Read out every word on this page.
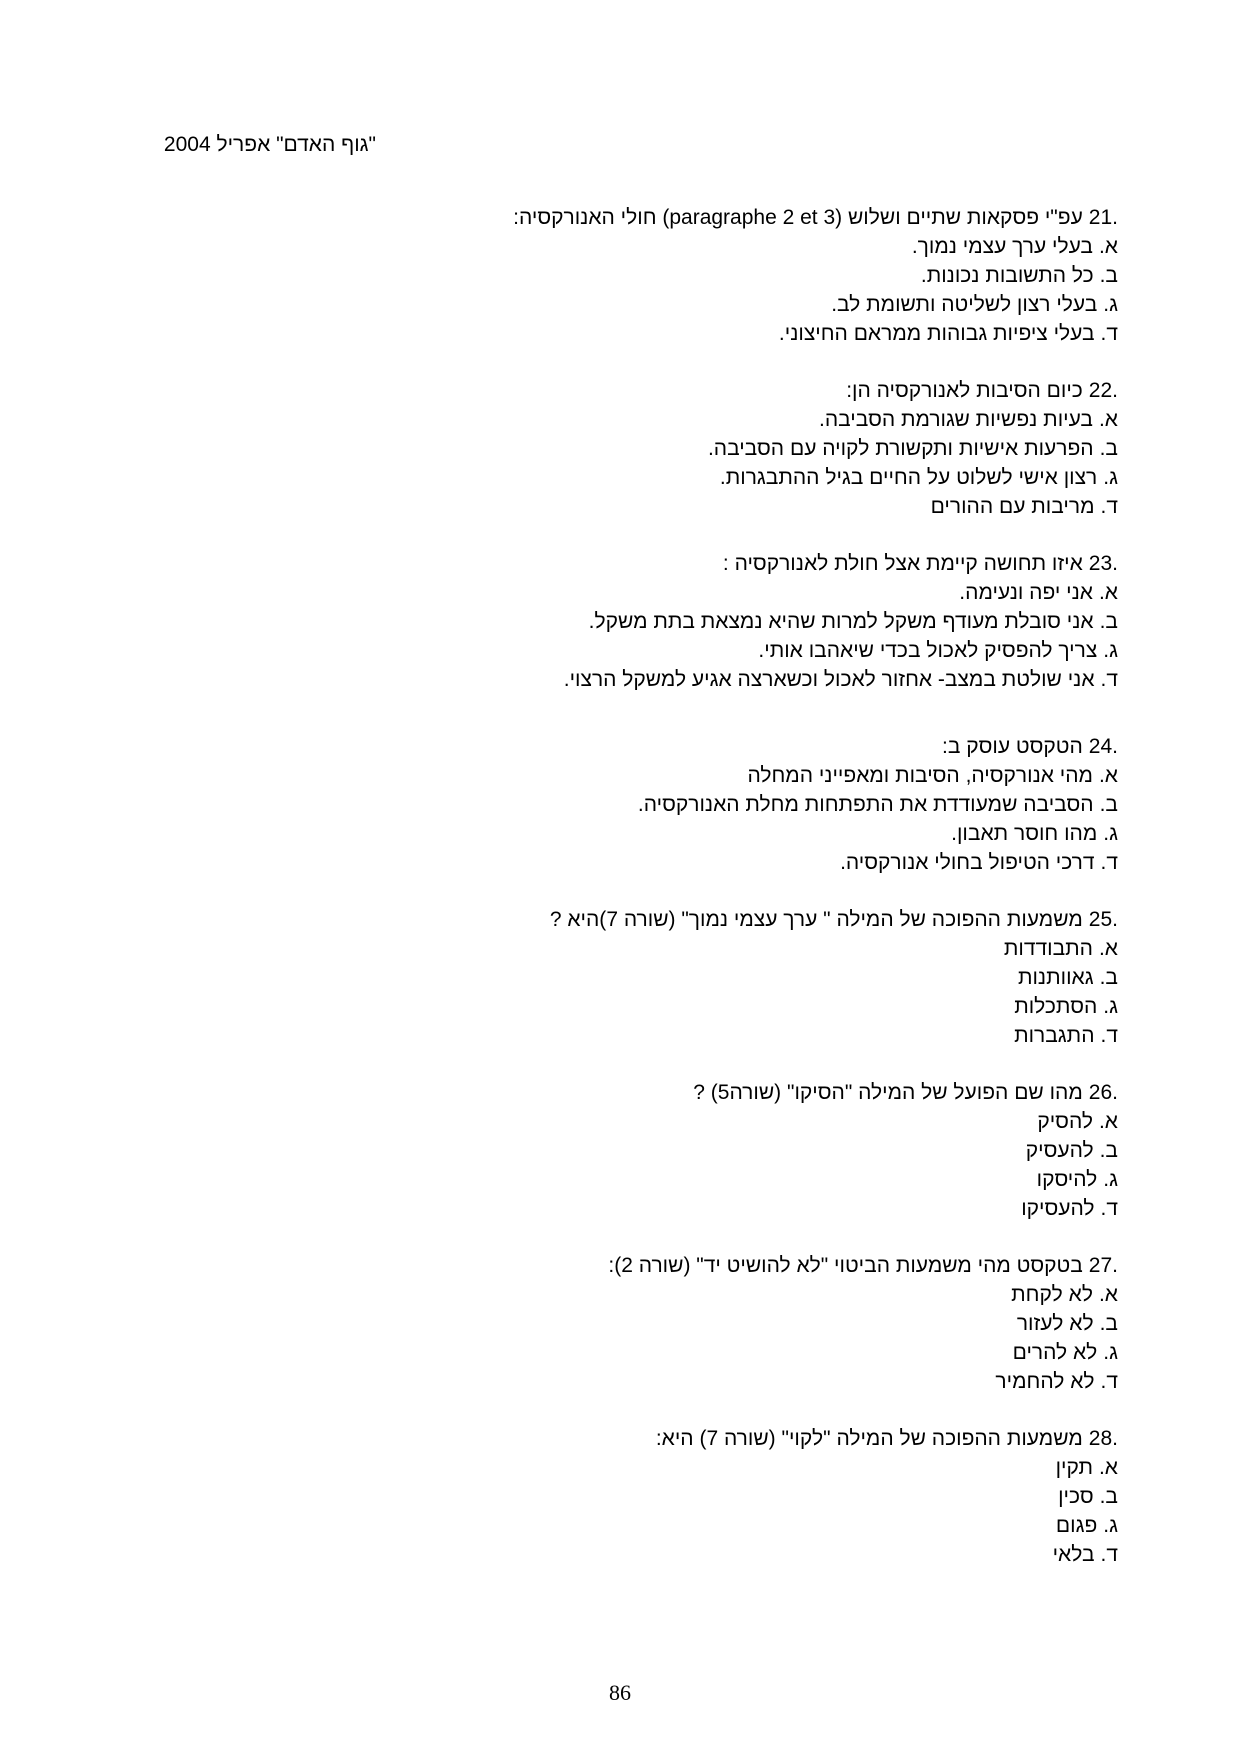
"גוף האדם" אפריל 2004
21.
עפ"י פסקאות שתיים ושלוש (paragraphe 2 et 3) חולי האנורקסיה:
א.
בעלי ערך עצמי נמוך.
ב.
כל התשובות נכונות.
ג.
בעלי רצון לשליטה ותשומת לב.
ד.
בעלי ציפיות גבוהות ממראם החיצוני.
22.
כיום הסיבות לאנורקסיה הן:
א.
בעיות נפשיות שגורמת הסביבה.
ב.
הפרעות אישיות ותקשורת לקויה עם הסביבה.
ג.
רצון אישי לשלוט על החיים בגיל ההתבגרות.
ד.
מריבות עם ההורים
23.
איזו תחושה קיימת אצל חולת לאנורקסיה :
א.
אני יפה ונעימה.
ב.
אני סובלת מעודף משקל למרות שהיא נמצאת בתת משקל.
ג.
צריך להפסיק לאכול בכדי שיאהבו אותי.
ד.
אני שולטת במצב- אחזור לאכול וכשארצה אגיע למשקל הרצוי.
24.
הטקסט עוסק ב:
א.
מהי אנורקסיה, הסיבות ומאפייני המחלה
ב.
הסביבה שמעודדת את התפתחות מחלת האנורקסיה.
ג.
מהו חוסר תאבון.
ד.
דרכי הטיפול בחולי אנורקסיה.
25.
משמעות ההפוכה של המילה " ערך עצמי נמוך" (שורה 7)היא ?
א.
התבודדות
ב.
גאוותנות
ג.
הסתכלות
ד.
התגברות
26.
מהו שם הפועל של המילה "הסיקו" (שורה5) ?
א.
להסיק
ב.
להעסיק
ג.
להיסקו
ד.
להעסיקו
27.
בטקסט מהי משמעות הביטוי "לא להושיט יד" (שורה 2):
א.
לא לקחת
ב.
לא לעזור
ג.
לא להרים
ד.
לא להחמיר
28.
משמעות ההפוכה של המילה "לקוי" (שורה 7) היא:
א.
תקין
ב.
סכין
ג.
פגום
ד.
בלאי
86
